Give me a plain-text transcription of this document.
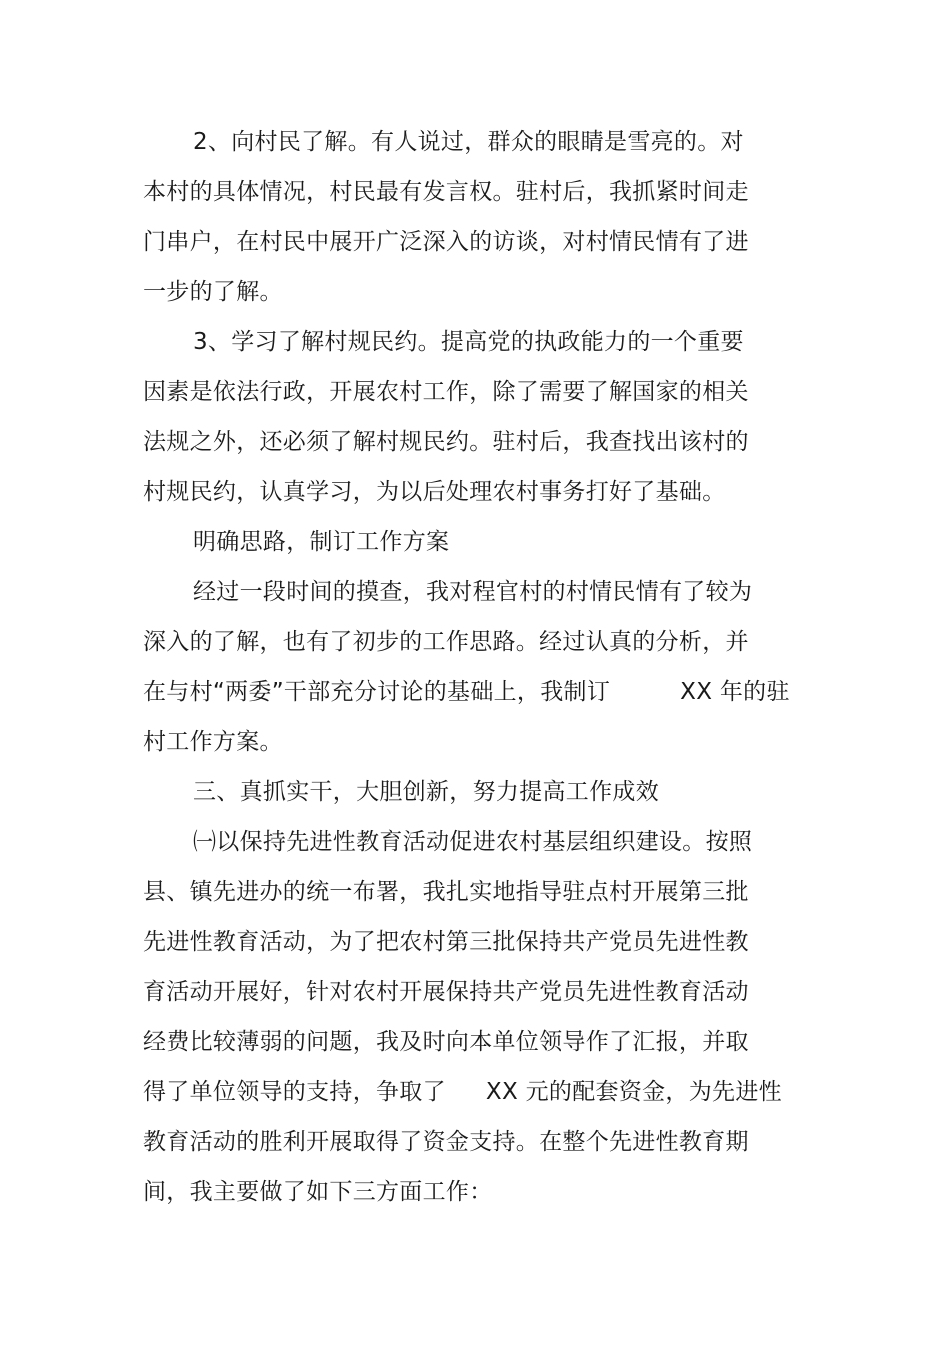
2、向村民了解。有人说过，群众的眼睛是雪亮的。对
本村的具体情况，村民最有发言权。驻村后，我抓紧时间走
门串户，在村民中展开广泛深入的访谈，对村情民情有了进
一步的了解。
3、学习了解村规民约。提高党的执政能力的一个重要
因素是依法行政，开展农村工作，除了需要了解国家的相关
法规之外，还必须了解村规民约。驻村后，我查找出该村的
村规民约，认真学习，为以后处理农村事务打好了基础。
明确思路，制订工作方案
经过一段时间的摸查，我对程官村的村情民情有了较为
深入的了解，也有了初步的工作思路。经过认真的分析，并
在与村“两委”干部充分讨论的基础上，我制订	XX 年的驻
村工作方案。
三、真抓实干，大胆创新，努力提高工作成效
㈠以保持先进性教育活动促进农村基层组织建设。按照
县、镇先进办的统一布署，我扎实地指导驻点村开展第三批
先进性教育活动，为了把农村第三批保持共产党员先进性教
育活动开展好，针对农村开展保持共产党员先进性教育活动
经费比较薄弱的问题，我及时向本单位领导作了汇报，并取
得了单位领导的支持，争取了 XX 元的配套资金，为先进性
教育活动的胜利开展取得了资金支持。在整个先进性教育期
间，我主要做了如下三方面工作：
